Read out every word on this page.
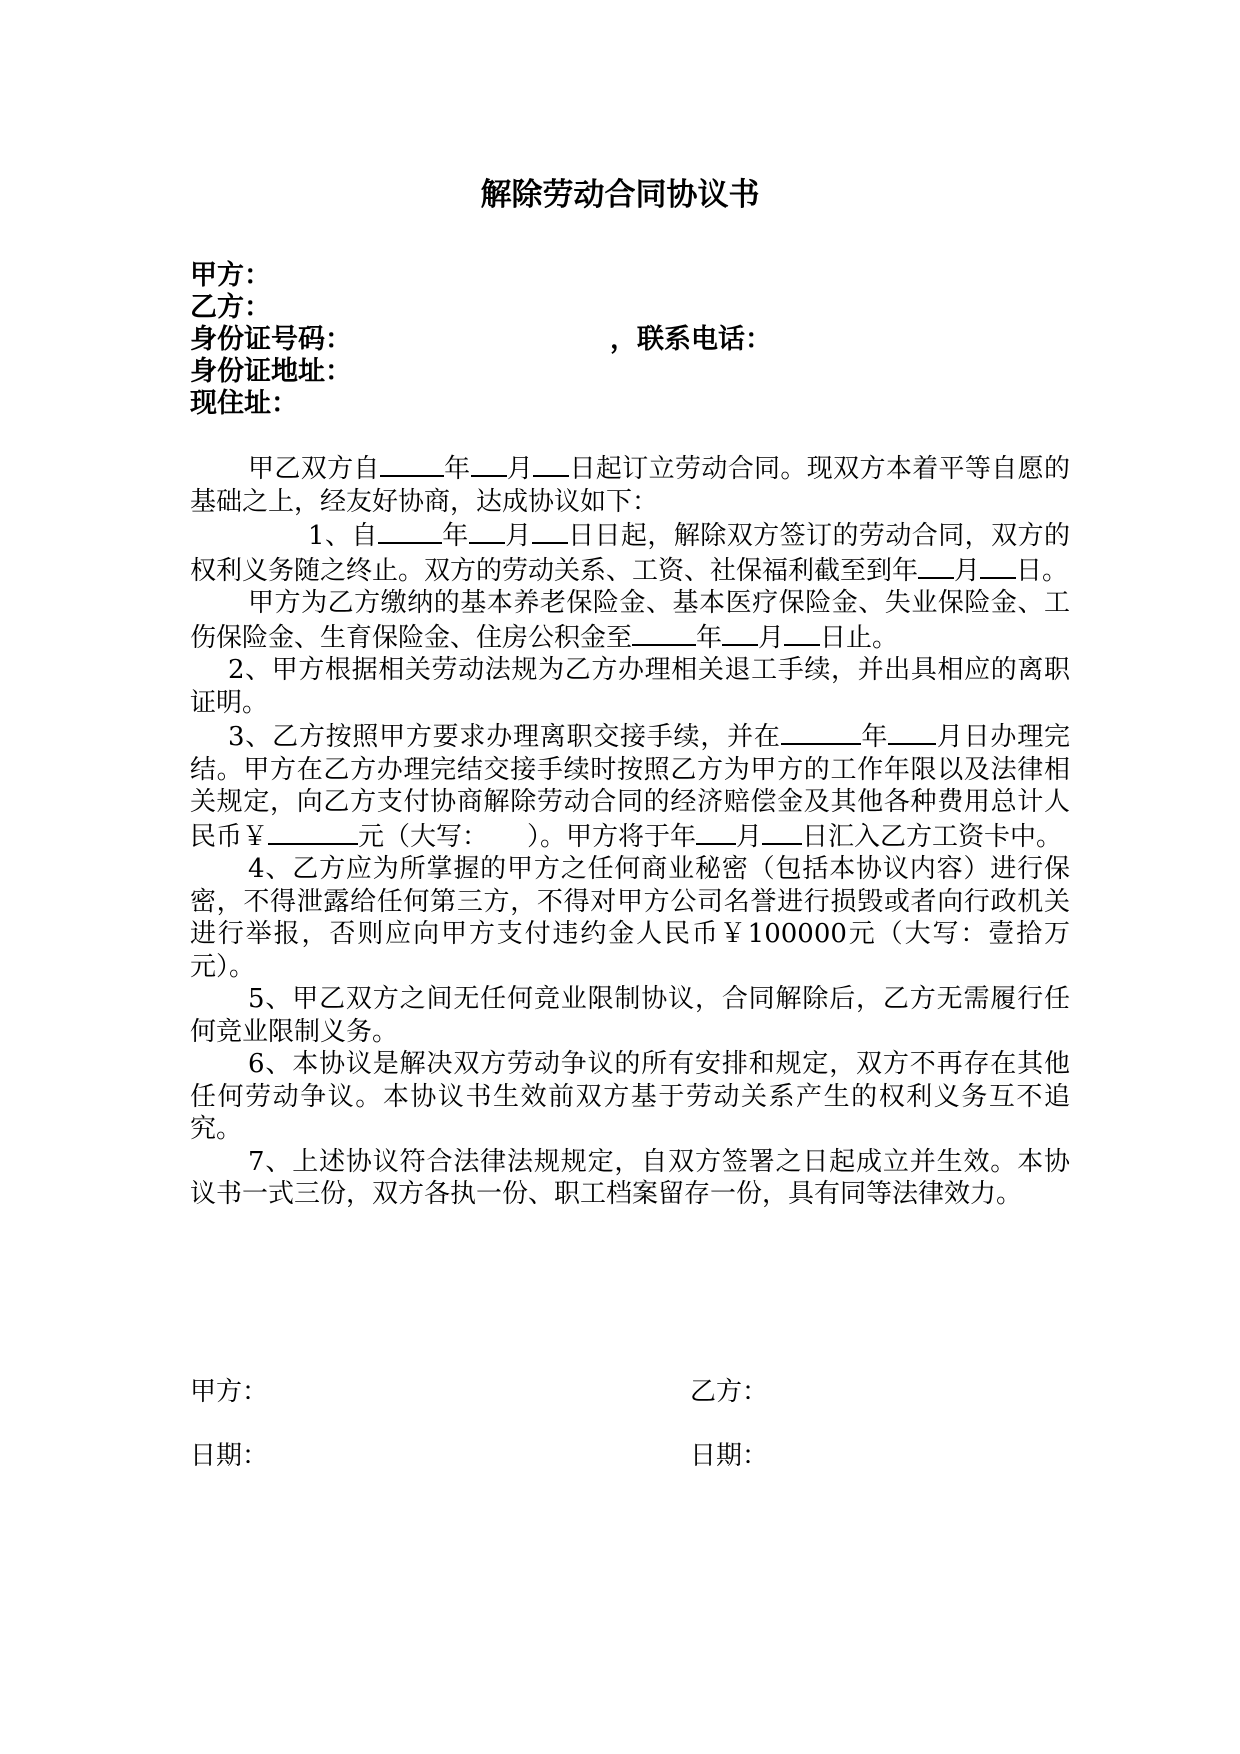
解除劳动合同协议书
甲方：
乙方：
身份证号码：	，联系电话：
身份证地址：
现住址：

甲乙双方自 年 月 日起订立劳动合同。现双方本着平等自愿的基础之上，经友好协商，达成协议如下：

1、自 年 月 日日起，解除双方签订的劳动合同，双方的权利义务随之终止。双方的劳动关系、工资、社保福利截至到年 月 日。

甲方为乙方缴纳的基本养老保险金、基本医疗保险金、失业保险金、工伤保险金、生育保险金、住房公积金至 年 月 日止。

2、甲方根据相关劳动法规为乙方办理相关退工手续，并出具相应的离职证明。

3、乙方按照甲方要求办理离职交接手续，并在	年 月日办理完结。甲方在乙方办理完结交接手续时按照乙方为甲方的工作年限以及法律相关规定，向乙方支付协商解除劳动合同的经济赔偿金及其他各种费用总计人民币￥	元（大写：　　）。甲方将于年 月 日汇入乙方工资卡中。

4、乙方应为所掌握的甲方之任何商业秘密（包括本协议内容）进行保密，不得泄露给任何第三方，不得对甲方公司名誉进行损毁或者向行政机关进行举报，否则应向甲方支付违约金人民币￥100000元（大写：壹拾万元）。

5、甲乙双方之间无任何竞业限制协议，合同解除后，乙方无需履行任何竞业限制义务。

6、本协议是解决双方劳动争议的所有安排和规定，双方不再存在其他任何劳动争议。本协议书生效前双方基于劳动关系产生的权利义务互不追究。

7、上述协议符合法律法规规定，自双方签署之日起成立并生效。本协议书一式三份，双方各执一份、职工档案留存一份，具有同等法律效力。

甲方：	乙方：
日期：	日期：
